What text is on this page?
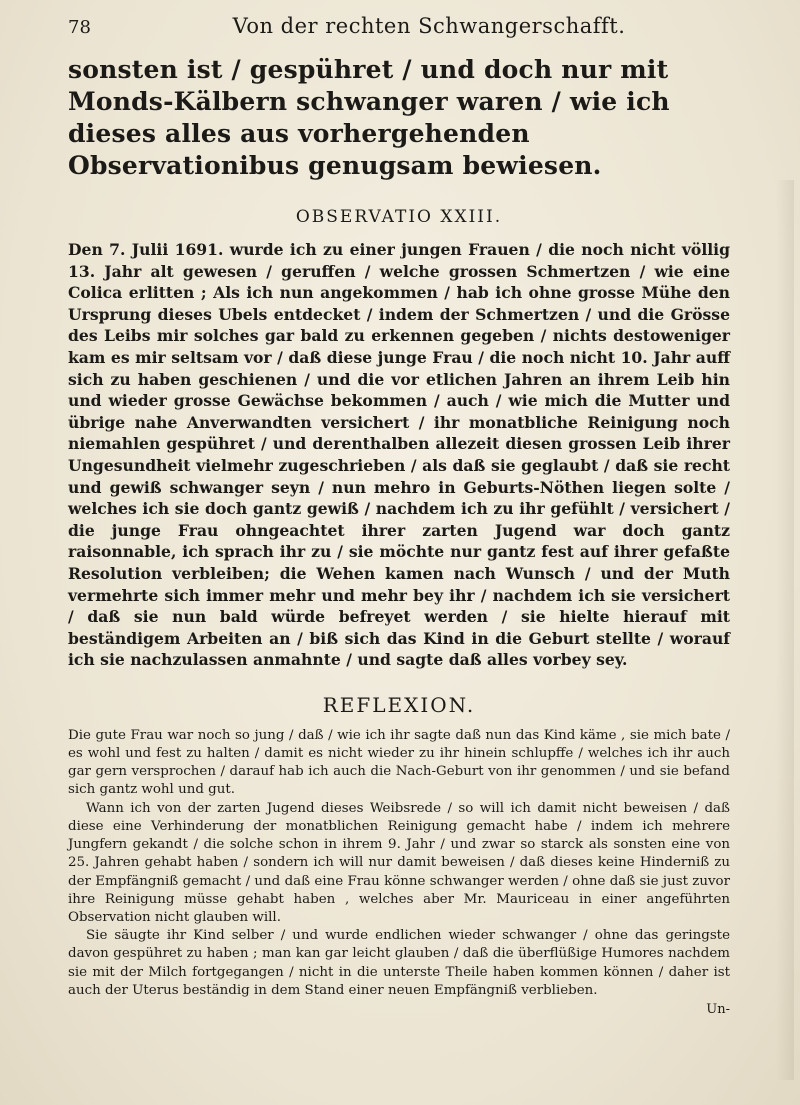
78	Von der rechten Schwangerschafft.

sonsten ist / gespühret / und doch nur mit Monds-Kälbern schwanger waren / wie ich dieses alles aus vorhergehenden Observationibus genugsam bewiesen.

OBSERVATIO XXIII.

Den 7. Julii 1691. wurde ich zu einer jungen Frauen / die noch nicht völlig 13. Jahr alt gewesen / geruffen / welche grossen Schmertzen / wie eine Colica erlitten ; Als ich nun angekommen / hab ich ohne grosse Mühe den Ursprung dieses Ubels entdecket / indem der Schmertzen / und die Grösse des Leibs mir solches gar bald zu erkennen gegeben / nichts destoweniger kam es mir seltsam vor / daß diese junge Frau / die noch nicht 10. Jahr auff sich zu haben geschienen / und die vor etlichen Jahren an ihrem Leib hin und wieder grosse Gewächse bekommen / auch / wie mich die Mutter und übrige nahe Anverwandten versichert / ihr monatbliche Reinigung noch niemahlen gespühret / und derenthalben allezeit diesen grossen Leib ihrer Ungesundheit vielmehr zugeschrieben / als daß sie geglaubt / daß sie recht und gewiß schwanger seyn / nun mehro in Geburts-Nöthen liegen solte / welches ich sie doch gantz gewiß / nachdem ich zu ihr gefühlt / versichert / die junge Frau ohngeachtet ihrer zarten Jugend war doch gantz raisonnable, ich sprach ihr zu / sie möchte nur gantz fest auf ihrer gefaßte Resolution verbleiben; die Wehen kamen nach Wunsch / und der Muth vermehrte sich immer mehr und mehr bey ihr / nachdem ich sie versichert / daß sie nun bald würde befreyet werden / sie hielte hierauf mit beständigem Arbeiten an / biß sich das Kind in die Geburt stellte / worauf ich sie nachzulassen anmahnte / und sagte daß alles vorbey sey.

REFLEXION.

Die gute Frau war noch so jung / daß / wie ich ihr sagte daß nun das Kind käme , sie mich bate / es wohl und fest zu halten / damit es nicht wieder zu ihr hinein schlupffe / welches ich ihr auch gar gern versprochen / darauf hab ich auch die Nach-Geburt von ihr genommen / und sie befand sich gantz wohl und gut.

Wann ich von der zarten Jugend dieses Weibsrede / so will ich damit nicht beweisen / daß diese eine Verhinderung der monatblichen Reinigung gemacht habe / indem ich mehrere Jungfern gekandt / die solche schon in ihrem 9. Jahr / und zwar so starck als sonsten eine von 25. Jahren gehabt haben / sondern ich will nur damit beweisen / daß dieses keine Hinderniß zu der Empfängniß gemacht / und daß eine Frau könne schwanger werden / ohne daß sie just zuvor ihre Reinigung müsse gehabt haben , welches aber Mr. Mauriceau in einer angeführten Observation nicht glauben will.

Sie säugte ihr Kind selber / und wurde endlichen wieder schwanger / ohne das geringste davon gespühret zu haben ; man kan gar leicht glauben / daß die überflüßige Humores nachdem sie mit der Milch fortgegangen / nicht in die unterste Theile haben kommen können / daher ist auch der Uterus beständig in dem Stand einer neuen Empfängniß verblieben.

Un-
